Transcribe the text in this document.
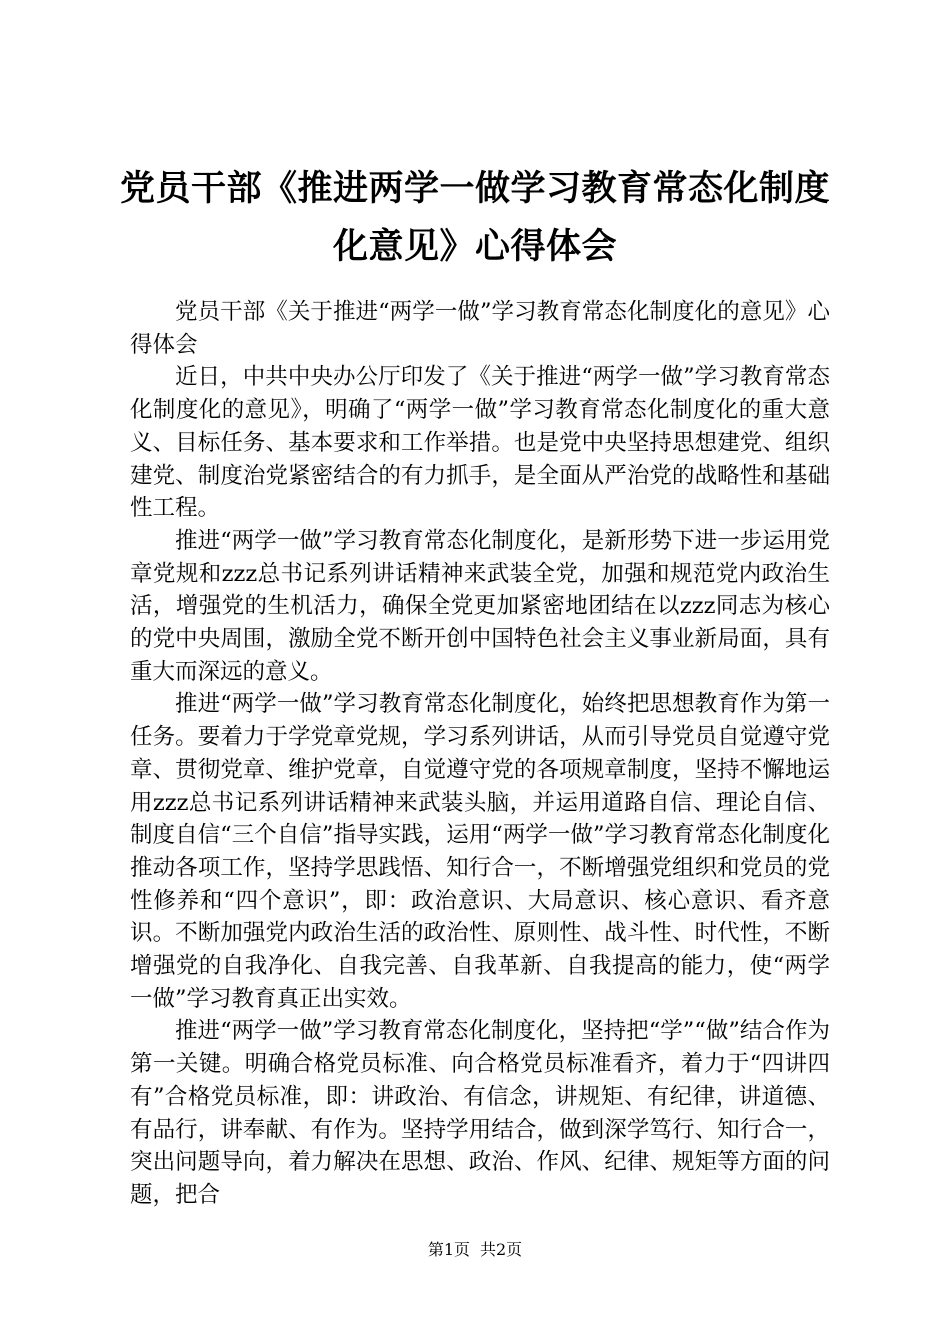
党员干部《推进两学一做学习教育常态化制度
化意见》心得体会

党员干部《关于推进“两学一做”学习教育常态化制度化的意见》心得体会

近日，中共中央办公厅印发了《关于推进“两学一做”学习教育常态化制度化的意见》，明确了“两学一做”学习教育常态化制度化的重大意义、目标任务、基本要求和工作举措。也是党中央坚持思想建党、组织建党、制度治党紧密结合的有力抓手，是全面从严治党的战略性和基础性工程。

推进“两学一做”学习教育常态化制度化，是新形势下进一步运用党章党规和zzz总书记系列讲话精神来武装全党，加强和规范党内政治生活，增强党的生机活力，确保全党更加紧密地团结在以zzz同志为核心的党中央周围，激励全党不断开创中国特色社会主义事业新局面，具有重大而深远的意义。

推进“两学一做”学习教育常态化制度化，始终把思想教育作为第一任务。要着力于学党章党规，学习系列讲话，从而引导党员自觉遵守党章、贯彻党章、维护党章，自觉遵守党的各项规章制度，坚持不懈地运用zzz总书记系列讲话精神来武装头脑，并运用道路自信、理论自信、制度自信“三个自信”指导实践，运用“两学一做”学习教育常态化制度化推动各项工作，坚持学思践悟、知行合一，不断增强党组织和党员的党性修养和“四个意识”，即：政治意识、大局意识、核心意识、看齐意识。不断加强党内政治生活的政治性、原则性、战斗性、时代性，不断增强党的自我净化、自我完善、自我革新、自我提高的能力，使“两学一做”学习教育真正出实效。

推进“两学一做”学习教育常态化制度化，坚持把“学”“做”结合作为第一关键。明确合格党员标准、向合格党员标准看齐，着力于“四讲四有”合格党员标准，即：讲政治、有信念，讲规矩、有纪律，讲道德、有品行，讲奉献、有作为。坚持学用结合，做到深学笃行、知行合一，突出问题导向，着力解决在思想、政治、作风、纪律、规矩等方面的问题，把合

第1页 共2页
